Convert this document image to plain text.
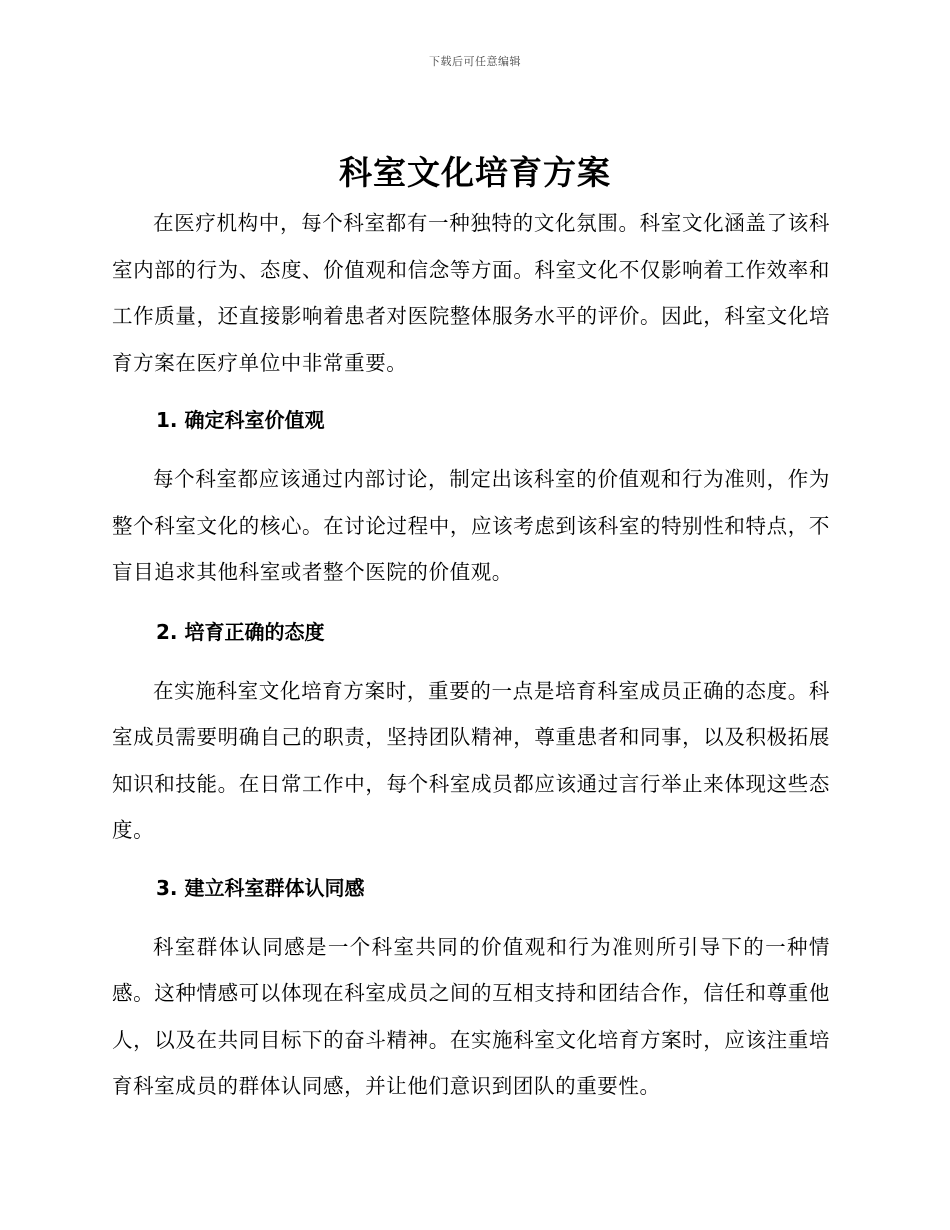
下载后可任意编辑
科室文化培育方案

在医疗机构中，每个科室都有一种独特的文化氛围。科室文化涵盖了该科室内部的行为、态度、价值观和信念等方面。科室文化不仅影响着工作效率和工作质量，还直接影响着患者对医院整体服务水平的评价。因此，科室文化培育方案在医疗单位中非常重要。

1. 确定科室价值观

每个科室都应该通过内部讨论，制定出该科室的价值观和行为准则，作为整个科室文化的核心。在讨论过程中，应该考虑到该科室的特别性和特点，不盲目追求其他科室或者整个医院的价值观。

2. 培育正确的态度

在实施科室文化培育方案时，重要的一点是培育科室成员正确的态度。科室成员需要明确自己的职责，坚持团队精神，尊重患者和同事，以及积极拓展知识和技能。在日常工作中，每个科室成员都应该通过言行举止来体现这些态度。

3. 建立科室群体认同感

科室群体认同感是一个科室共同的价值观和行为准则所引导下的一种情感。这种情感可以体现在科室成员之间的互相支持和团结合作，信任和尊重他人，以及在共同目标下的奋斗精神。在实施科室文化培育方案时，应该注重培育科室成员的群体认同感，并让他们意识到团队的重要性。
